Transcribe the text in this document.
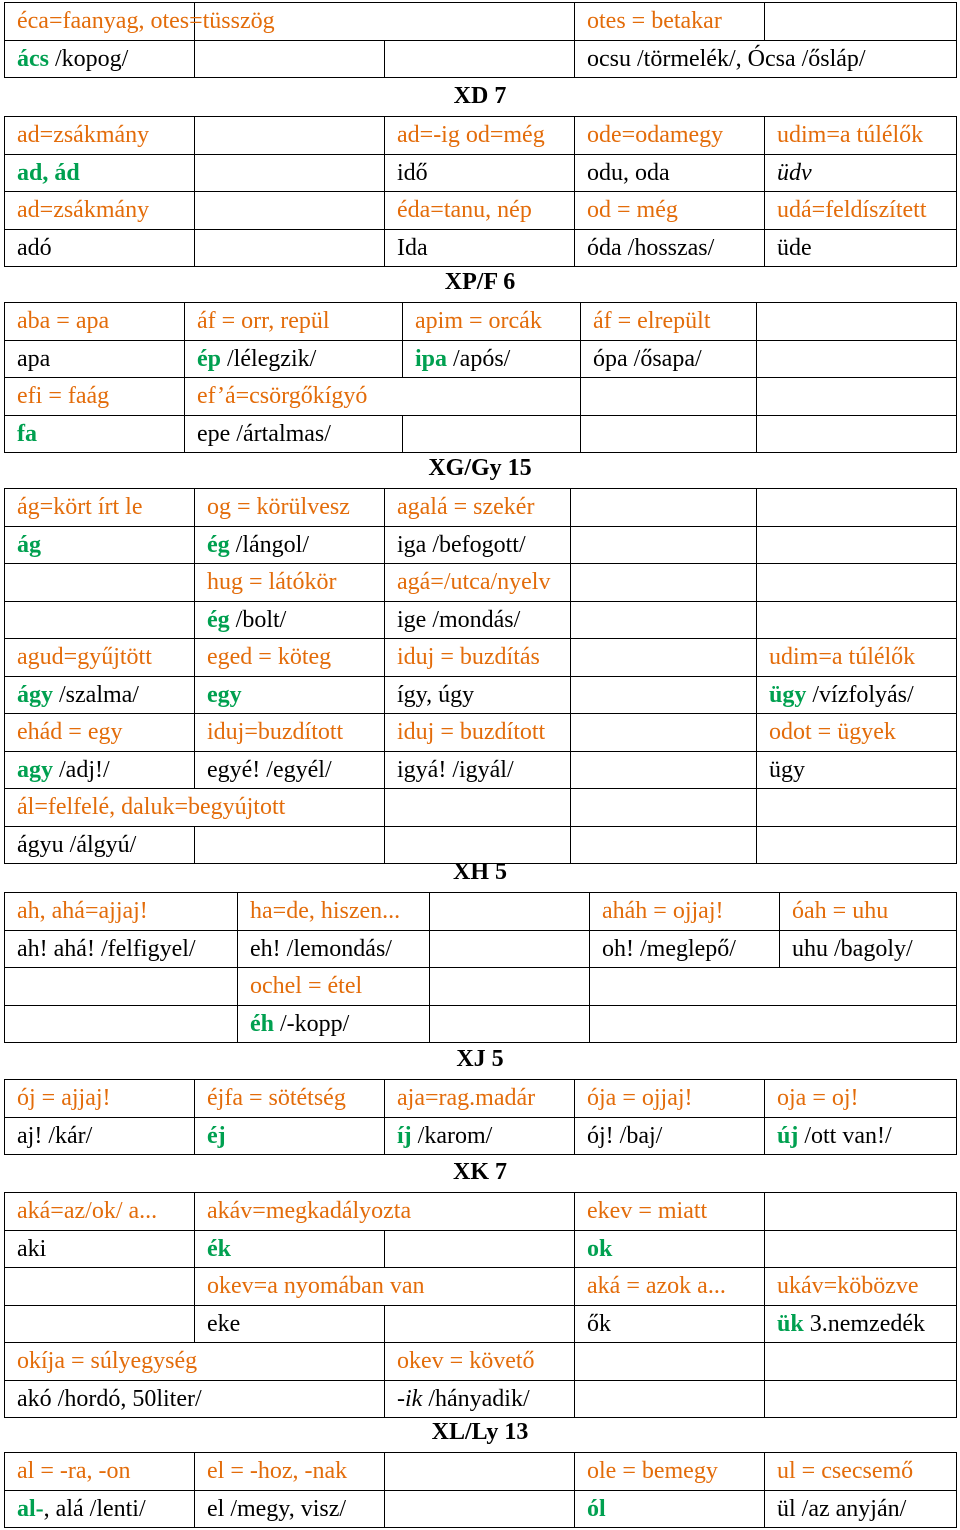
éca=faanyag, otes=tüsszög			otes = betakar	
ács /kopog/			ocsu /törmelék/, Ócsa /ősláp/	
XD 7
ad=zsákmány		ad=-ig od=még	ode=odamegy	udim=a túlélők
ad, ád		idő	odu, oda	üdv
ad=zsákmány		éda=tanu, nép	od = még	udá=feldíszített
adó		Ida	óda /hosszas/	üde
XP/F 6
aba = apa	áf = orr, repül	apim = orcák	áf = elrepült	
apa	ép /lélegzik/	ipa /após/	ópa /ősapa/	
efi = faág	ef’á=csörgőkígyó			
fa	epe /ártalmas/			
XG/Gy 15
ág=kört írt le	og = körülvesz	agalá = szekér		
ág	ég /lángol/	iga /befogott/		
	hug = látókör	agá=/utca/nyelv		
	ég /bolt/	ige /mondás/		
agud=gyűjtött	eged = köteg	iduj = buzdítás		udim=a túlélők
ágy /szalma/	egy	így, úgy		ügy /vízfolyás/
ehád = egy	iduj=buzdított	iduj = buzdított		odot = ügyek
agy /adj!/	egyé! /egyél/	igyá! /igyál/		ügy
ál=felfelé, daluk=begyújtott				
ágyu /álgyú/				
XH 5
ah, ahá=ajjaj!	ha=de, hiszen...		aháh = ojjaj!	óah = uhu
ah! ahá! /felfigyel/	eh! /lemondás/		oh! /meglepő/	uhu /bagoly/
	ochel = étel			
	éh /-kopp/			
XJ 5
ój = ajjaj!	éjfa = sötétség	aja=rag.madár	ója = ojjaj!	oja = oj!
aj! /kár/	éj	íj /karom/	ój! /baj/	új /ott van!/
XK 7
aká=az/ok/ a...	akáv=megkadályozta		ekev = miatt	
aki	ék		ok	
	okev=a nyomában van		aká = azok a...	ukáv=köbözve
	eke		ők	ük 3.nemzedék
okíja = súlyegység		okev = követő		
akó /hordó, 50liter/		-ik /hányadik/		
XL/Ly 13
al = -ra, -on	el = -hoz, -nak		ole = bemegy	ul = csecsemő
al-, alá /lenti/	el /megy, visz/		ól	ül /az anyján/
